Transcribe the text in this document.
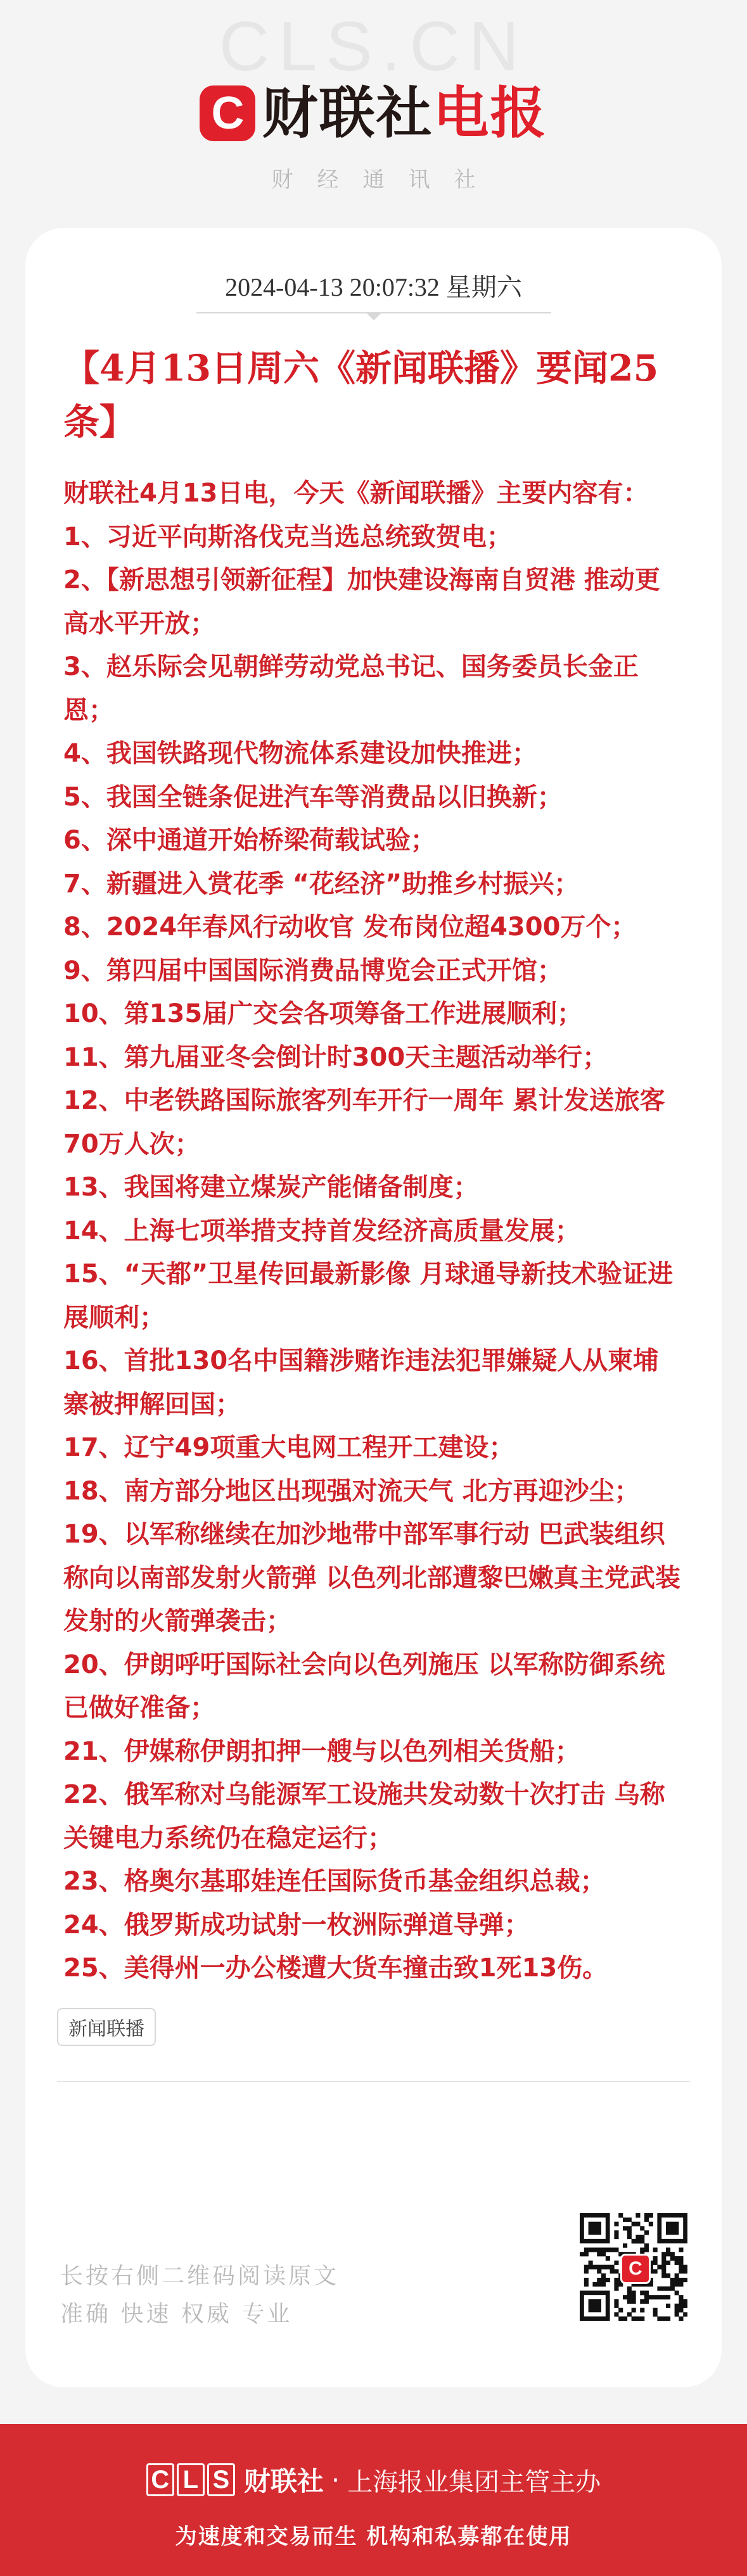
CLS.CN
C 财联社电报
财经通讯社
2024-04-13 20:07:32 星期六
【4月13日周六《新闻联播》要闻25条】

财联社4月13日电，今天《新闻联播》主要内容有：

1、习近平向斯洛伐克当选总统致贺电；

2、【新思想引领新征程】加快建设海南自贸港 推动更高水平开放；

3、赵乐际会见朝鲜劳动党总书记、国务委员长金正恩；

4、我国铁路现代物流体系建设加快推进；

5、我国全链条促进汽车等消费品以旧换新；

6、深中通道开始桥梁荷载试验；

7、新疆进入赏花季 “花经济”助推乡村振兴；

8、2024年春风行动收官 发布岗位超4300万个；

9、第四届中国国际消费品博览会正式开馆；

10、第135届广交会各项筹备工作进展顺利；

11、第九届亚冬会倒计时300天主题活动举行；

12、中老铁路国际旅客列车开行一周年 累计发送旅客70万人次；

13、我国将建立煤炭产能储备制度；

14、上海七项举措支持首发经济高质量发展；

15、“天都”卫星传回最新影像 月球通导新技术验证进展顺利；

16、首批130名中国籍涉赌诈违法犯罪嫌疑人从柬埔寨被押解回国；

17、辽宁49项重大电网工程开工建设；

18、南方部分地区出现强对流天气 北方再迎沙尘；

19、以军称继续在加沙地带中部军事行动 巴武装组织称向以南部发射火箭弹 以色列北部遭黎巴嫩真主党武装发射的火箭弹袭击；

20、伊朗呼吁国际社会向以色列施压 以军称防御系统已做好准备；

21、伊媒称伊朗扣押一艘与以色列相关货船；

22、俄军称对乌能源军工设施共发动数十次打击 乌称关键电力系统仍在稳定运行；

23、格奥尔基耶娃连任国际货币基金组织总裁；

24、俄罗斯成功试射一枚洲际弹道导弹；

25、美得州一办公楼遭大货车撞击致1死13伤。

新闻联播
长按右侧二维码阅读原文
准确 快速 权威 专业
C
C L S 财联社 · 上海报业集团主管主办
为速度和交易而生 机构和私募都在使用
